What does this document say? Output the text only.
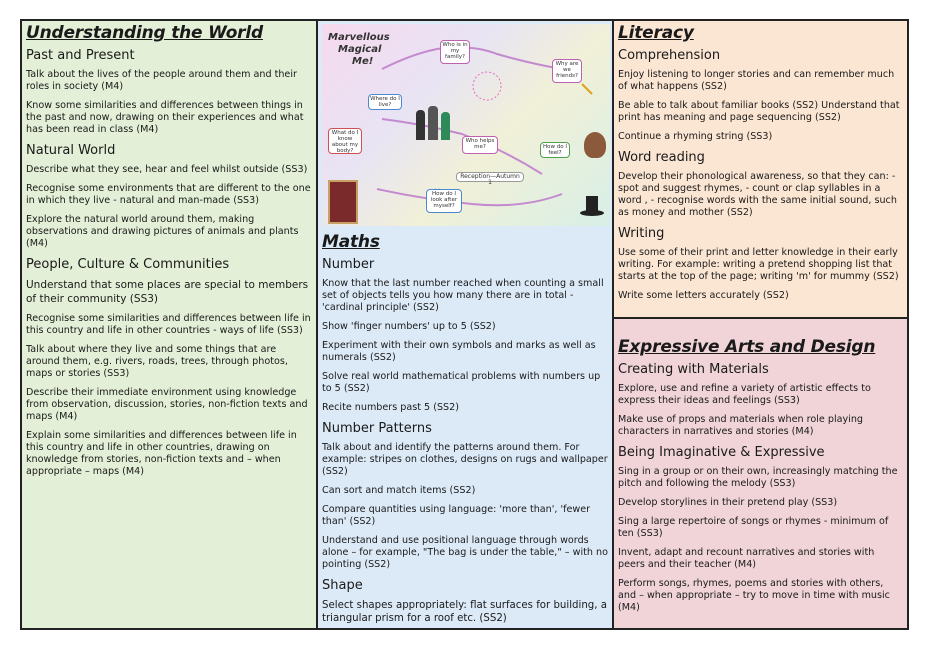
Understanding the World
Past and Present

Talk about the lives of the people around them and their roles in society (M4)

Know some similarities and differences between things in the past and now, drawing on their experiences and what has been read in class (M4)

Natural World

Describe what they see, hear and feel whilst outside (SS3)

Recognise some environments that are different to the one in which they live - natural and man-made (SS3)

Explore the natural world around them, making observations and drawing pictures of animals and plants (M4)

People, Culture & Communities

Understand that some places are special to members of their community (SS3)

Recognise some similarities and differences between life in this country and life in other countries - ways of life (SS3)

Talk about where they live and some things that are around them, e.g. rivers, roads, trees, through photos, maps or stories (SS3)

Describe their immediate environment using knowledge from observation, discussion, stories, non-fiction texts and maps (M4)

Explain some similarities and differences between life in this country and life in other countries, drawing on knowledge from stories, non-fiction texts and – when appropriate – maps (M4)

Marvellous
Magical
Me!
Who is in my family?
Where do I live?
What do I know about my body?
Who helps me?
How do I look after myself?
How do I feel?
Why are we friends?
Reception—Autumn 1
Maths
Number

Know that the last number reached when counting a small set of objects tells you how many there are in total - 'cardinal principle' (SS2)

Show 'finger numbers' up to 5 (SS2)

Experiment with their own symbols and marks as well as numerals (SS2)

Solve real world mathematical problems with numbers up to 5 (SS2)

Recite numbers past 5 (SS2)

Number Patterns

Talk about and identify the patterns around them. For example: stripes on clothes, designs on rugs and wallpaper (SS2)

Can sort and match items (SS2)

Compare quantities using language: 'more than', 'fewer than' (SS2)

Understand and use positional language through words alone – for example, "The bag is under the table," – with no pointing (SS2)

Shape

Select shapes appropriately: flat surfaces for building, a triangular prism for a roof etc. (SS2)

Literacy
Comprehension

Enjoy listening to longer stories and can remember much of what happens (SS2)

Be able to talk about familiar books (SS2) Understand that print has meaning and page sequencing (SS2)

Continue a rhyming string (SS3)

Word reading

Develop their phonological awareness, so that they can: - spot and suggest rhymes, - count or clap syllables in a word , - recognise words with the same initial sound, such as money and mother (SS2)

Writing

Use some of their print and letter knowledge in their early writing. For example: writing a pretend shopping list that starts at the top of the page; writing 'm' for mummy (SS2)

Write some letters accurately (SS2)

Expressive Arts and Design
Creating with Materials

Explore, use and refine a variety of artistic effects to express their ideas and feelings (SS3)

Make use of props and materials when role playing characters in narratives and stories (M4)

Being Imaginative & Expressive

Sing in a group or on their own, increasingly matching the pitch and following the melody (SS3)

Develop storylines in their pretend play (SS3)

Sing a large repertoire of songs or rhymes - minimum of ten (SS3)

Invent, adapt and recount narratives and stories with peers and their teacher (M4)

Perform songs, rhymes, poems and stories with others, and – when appropriate – try to move in time with music (M4)
